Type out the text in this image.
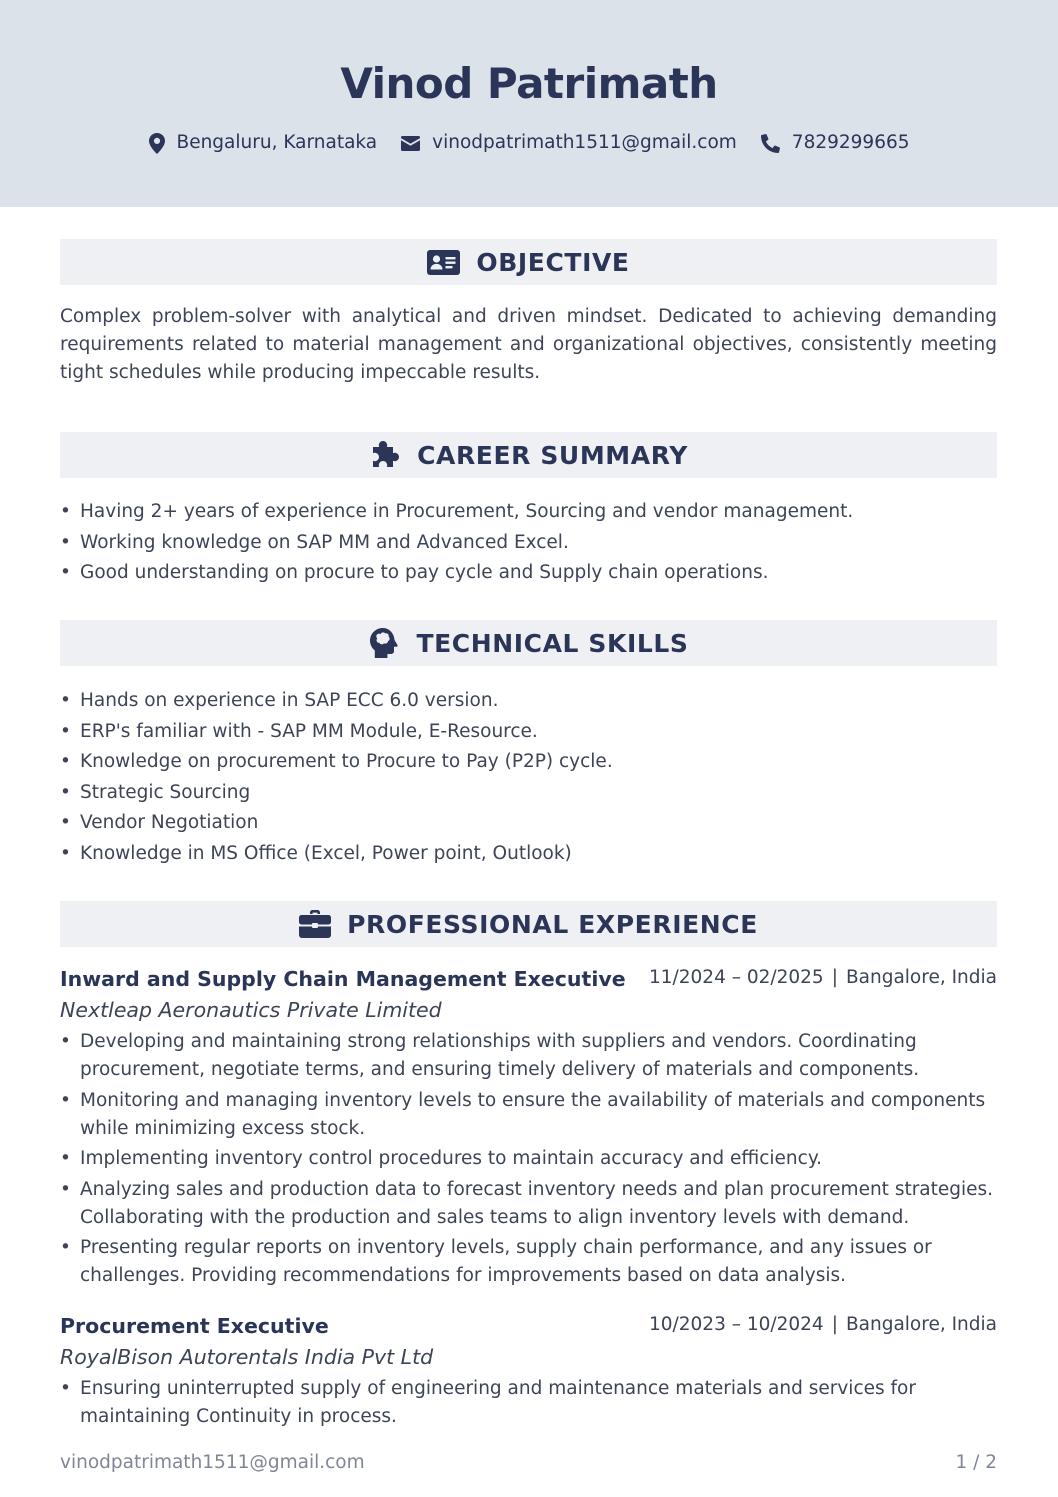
Vinod Patrimath
Bengaluru, Karnataka	vinodpatrimath1511@gmail.com	7829299665
OBJECTIVE
Complex problem-solver with analytical and driven mindset. Dedicated to achieving demanding requirements related to material management and organizational objectives, consistently meeting tight schedules while producing impeccable results.
CAREER SUMMARY
• Having 2+ years of experience in Procurement, Sourcing and vendor management.
• Working knowledge on SAP MM and Advanced Excel.
• Good understanding on procure to pay cycle and Supply chain operations.
TECHNICAL SKILLS
• Hands on experience in SAP ECC 6.0 version.
• ERP's familiar with - SAP MM Module, E-Resource.
• Knowledge on procurement to Procure to Pay (P2P) cycle.
• Strategic Sourcing
• Vendor Negotiation
• Knowledge in MS Office (Excel, Power point, Outlook)
PROFESSIONAL EXPERIENCE
Inward and Supply Chain Management Executive 11/2024 – 02/2025 | Bangalore, India
Nextleap Aeronautics Private Limited
• Developing and maintaining strong relationships with suppliers and vendors. Coordinating procurement, negotiate terms, and ensuring timely delivery of materials and components.
• Monitoring and managing inventory levels to ensure the availability of materials and components while minimizing excess stock.
• Implementing inventory control procedures to maintain accuracy and efficiency.
• Analyzing sales and production data to forecast inventory needs and plan procurement strategies. Collaborating with the production and sales teams to align inventory levels with demand.
• Presenting regular reports on inventory levels, supply chain performance, and any issues or challenges. Providing recommendations for improvements based on data analysis.
Procurement Executive	10/2023 – 10/2024 | Bangalore, India
RoyalBison Autorentals India Pvt Ltd
• Ensuring uninterrupted supply of engineering and maintenance materials and services for maintaining Continuity in process.
vinodpatrimath1511@gmail.com	1 / 2
